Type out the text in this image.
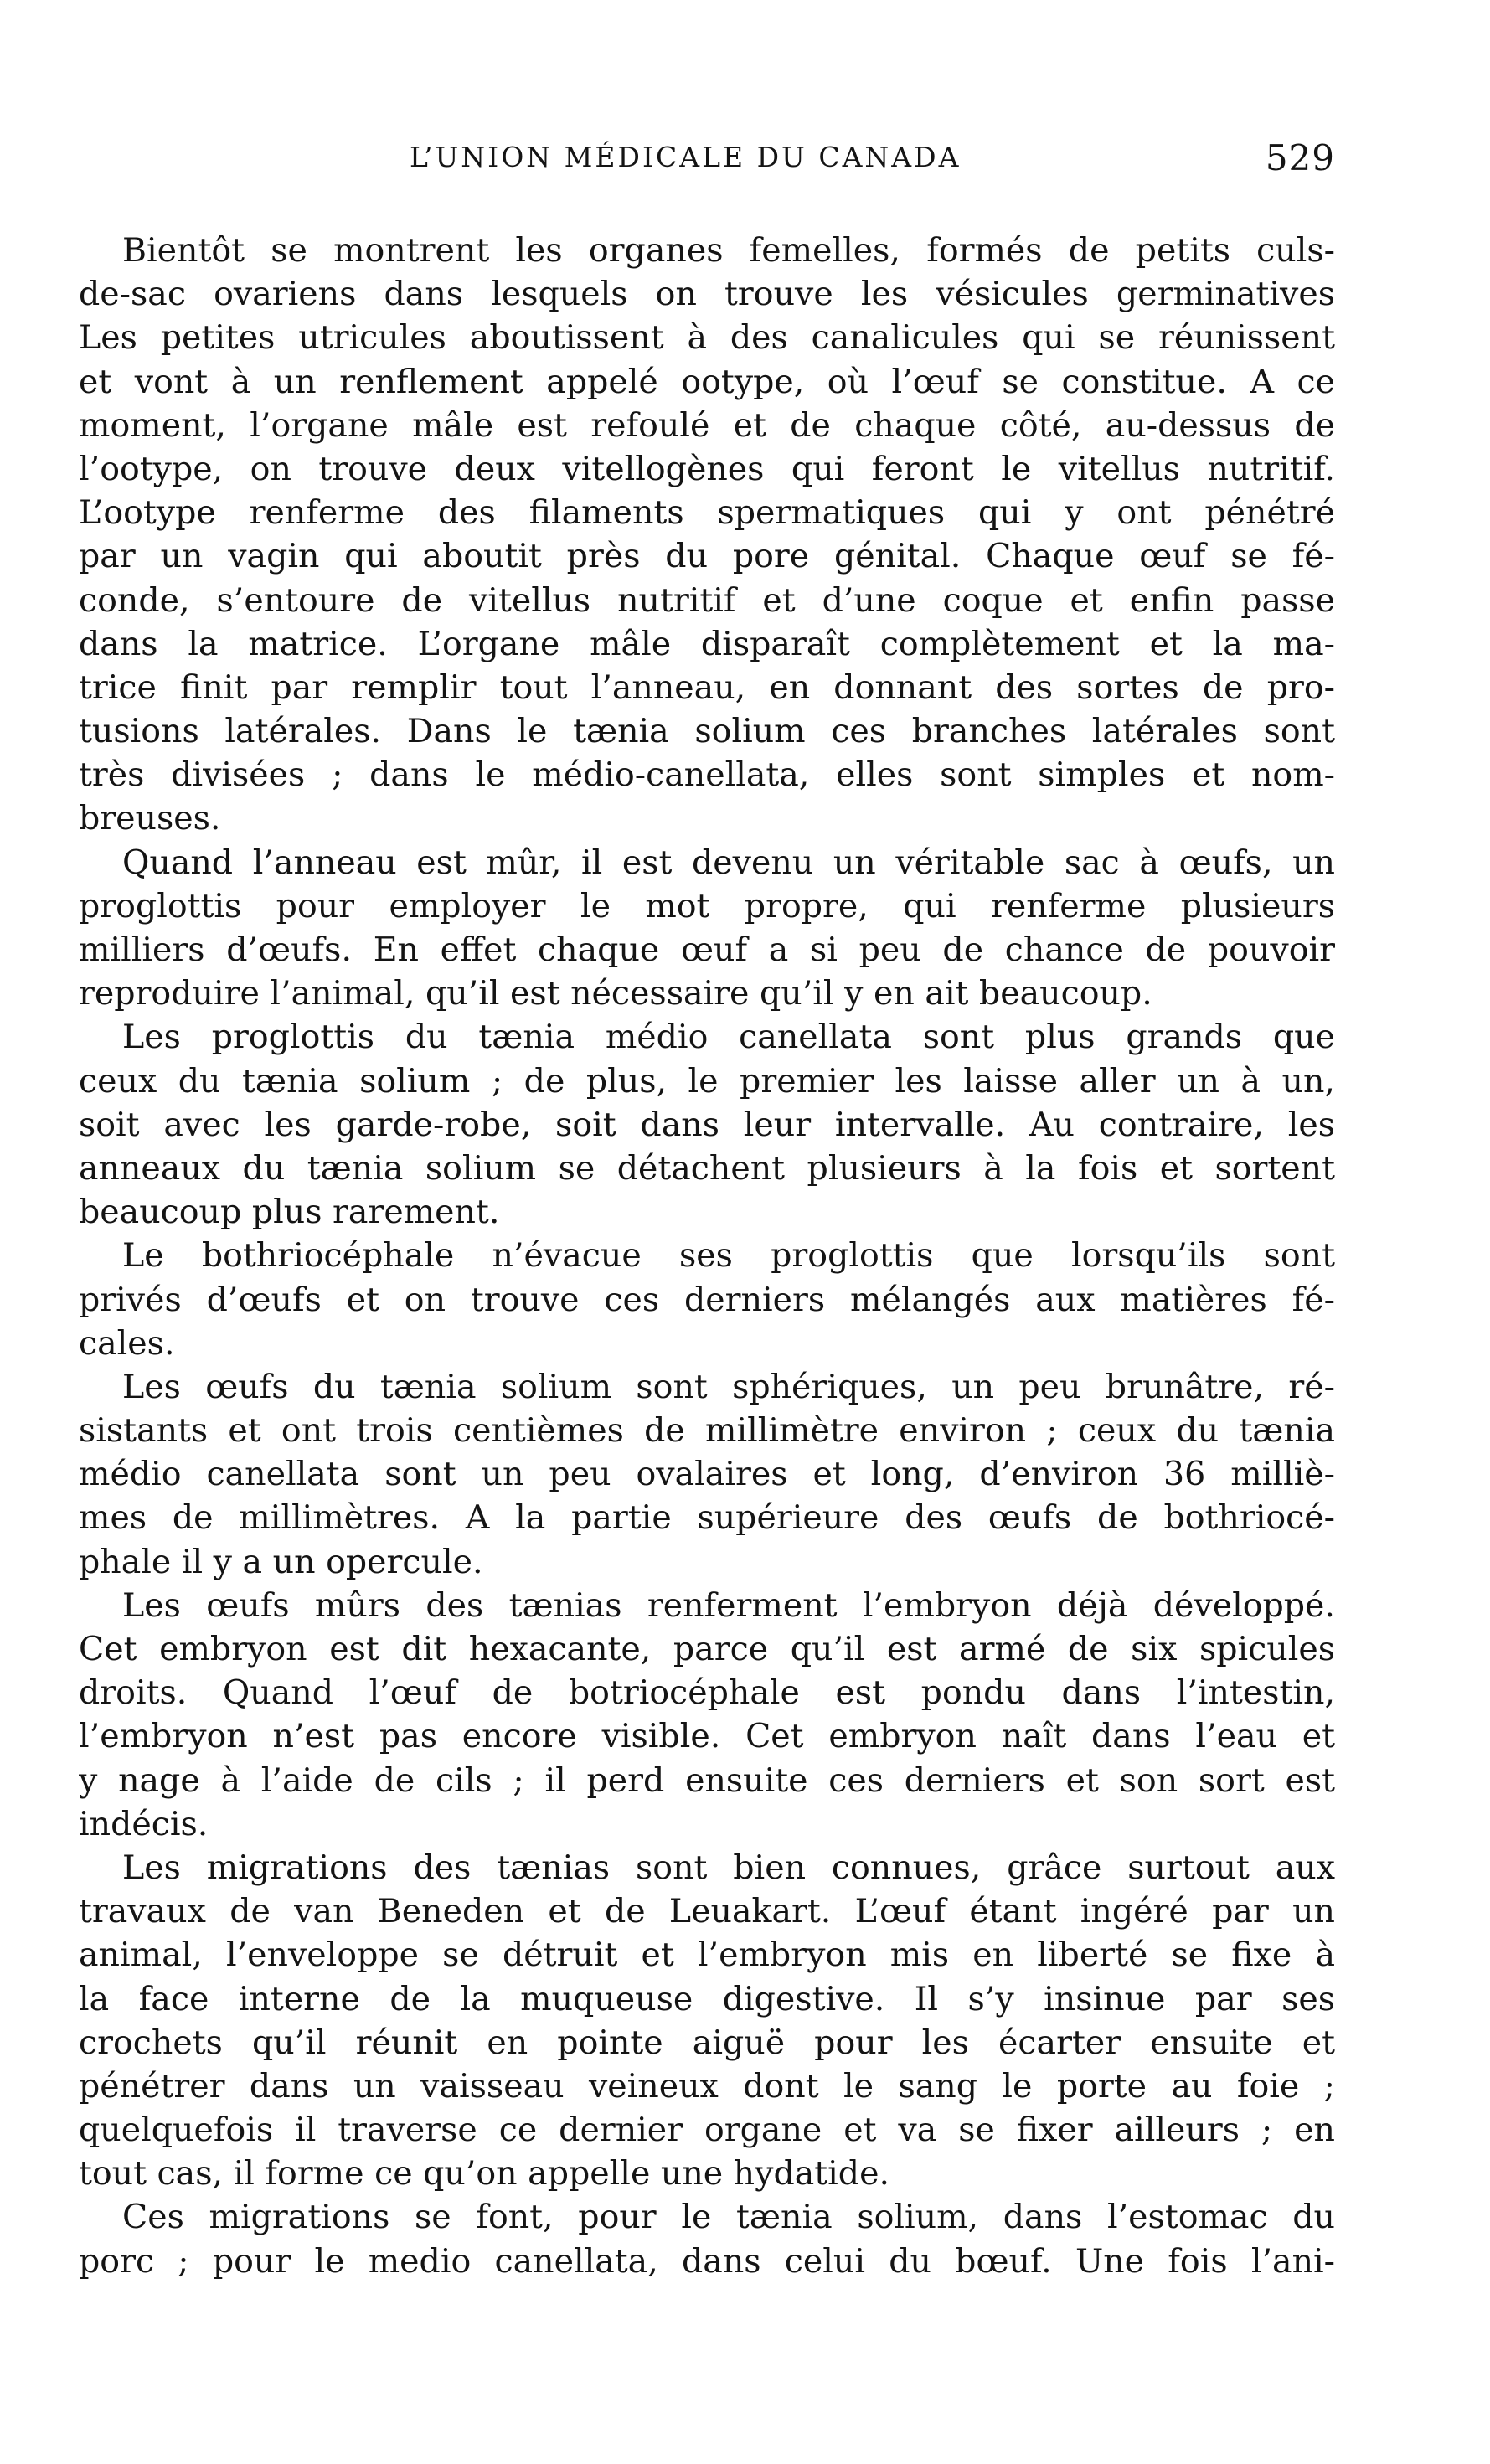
L’UNION MÉDICALE DU CANADA	529
Bientôt se montrent les organes femelles, formés de petits culs-
de-sac ovariens dans lesquels on trouve les vésicules germinatives
Les petites utricules aboutissent à des canalicules qui se réunissent
et vont à un renflement appelé ootype, où l’œuf se constitue. A ce
moment, l’organe mâle est refoulé et de chaque côté, au-dessus de
l’ootype, on trouve deux vitellogènes qui feront le vitellus nutritif.
L’ootype renferme des filaments spermatiques qui y ont pénétré
par un vagin qui aboutit près du pore génital. Chaque œuf se fé-
conde, s’entoure de vitellus nutritif et d’une coque et enfin passe
dans la matrice. L’organe mâle disparaît complètement et la ma-
trice finit par remplir tout l’anneau, en donnant des sortes de pro-
tusions latérales. Dans le tænia solium ces branches latérales sont
très divisées ; dans le médio-canellata, elles sont simples et nom-
breuses.
Quand l’anneau est mûr, il est devenu un véritable sac à œufs, un
proglottis pour employer le mot propre, qui renferme plusieurs
milliers d’œufs. En effet chaque œuf a si peu de chance de pouvoir
reproduire l’animal, qu’il est nécessaire qu’il y en ait beaucoup.
Les proglottis du tænia médio canellata sont plus grands que
ceux du tænia solium ; de plus, le premier les laisse aller un à un,
soit avec les garde-robe, soit dans leur intervalle. Au contraire, les
anneaux du tænia solium se détachent plusieurs à la fois et sortent
beaucoup plus rarement.
Le bothriocéphale n’évacue ses proglottis que lorsqu’ils sont
privés d’œufs et on trouve ces derniers mélangés aux matières fé-
cales.
Les œufs du tænia solium sont sphériques, un peu brunâtre, ré-
sistants et ont trois centièmes de millimètre environ ; ceux du tænia
médio canellata sont un peu ovalaires et long, d’environ 36 milliè-
mes de millimètres. A la partie supérieure des œufs de bothriocé-
phale il y a un opercule.
Les œufs mûrs des tænias renferment l’embryon déjà développé.
Cet embryon est dit hexacante, parce qu’il est armé de six spicules
droits. Quand l’œuf de botriocéphale est pondu dans l’intestin,
l’embryon n’est pas encore visible. Cet embryon naît dans l’eau et
y nage à l’aide de cils ; il perd ensuite ces derniers et son sort est
indécis.
Les migrations des tænias sont bien connues, grâce surtout aux
travaux de van Beneden et de Leuakart. L’œuf étant ingéré par un
animal, l’enveloppe se détruit et l’embryon mis en liberté se fixe à
la face interne de la muqueuse digestive. Il s’y insinue par ses
crochets qu’il réunit en pointe aiguë pour les écarter ensuite et
pénétrer dans un vaisseau veineux dont le sang le porte au foie ;
quelquefois il traverse ce dernier organe et va se fixer ailleurs ; en
tout cas, il forme ce qu’on appelle une hydatide.
Ces migrations se font, pour le tænia solium, dans l’estomac du
porc ; pour le medio canellata, dans celui du bœuf. Une fois l’ani-
